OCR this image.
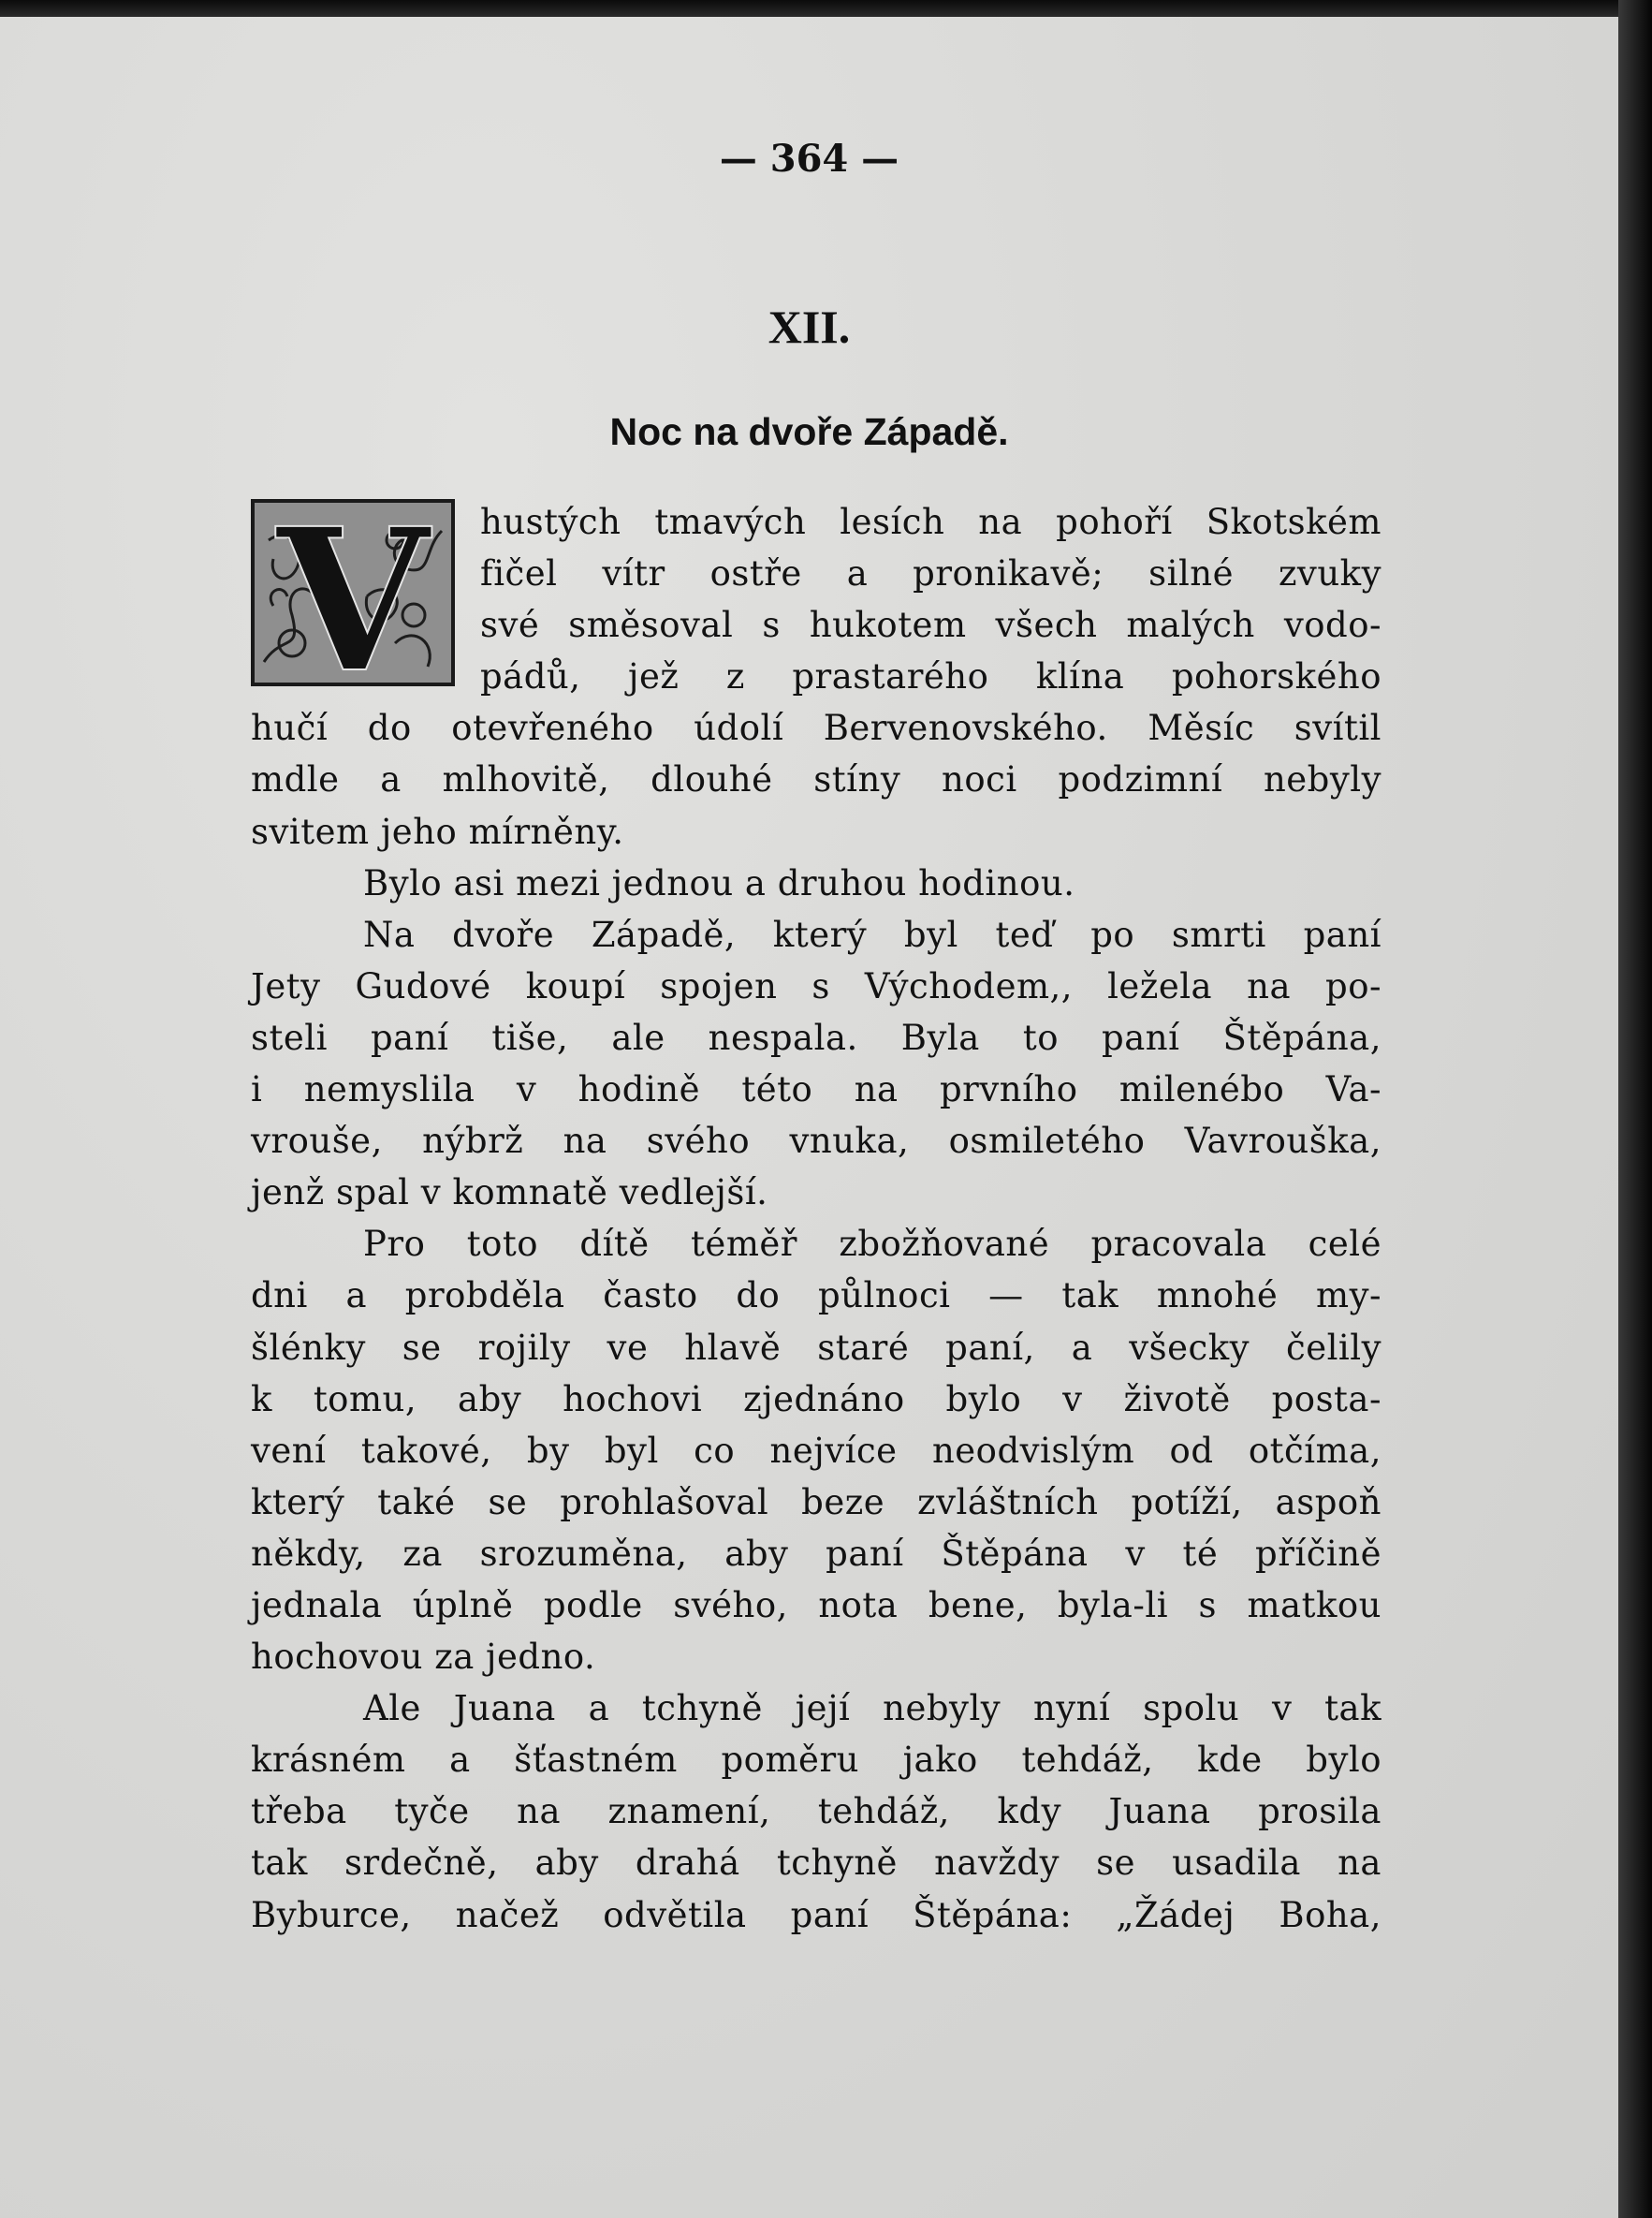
— 364 —
XII.
Noc na dvoře Západě.
V	hustých tmavých lesích na pohoří Skotském
fičel vítr ostře a pronikavě; silné zvuky
své směsoval s hukotem všech malých vodo-
pádů, jež z prastarého klína pohorského
hučí do otevřeného údolí Bervenovského. Měsíc svítil
mdle a mlhovitě, dlouhé stíny noci podzimní nebyly
svitem jeho mírněny.
Bylo asi mezi jednou a druhou hodinou.
Na dvoře Západě, který byl teď po smrti paní
Jety Gudové koupí spojen s Východem,, ležela na po-
steli paní tiše, ale nespala. Byla to paní Štěpána,
i nemyslila v hodině této na prvního milenébo Va-
vrouše, nýbrž na svého vnuka, osmiletého Vavrouška,
jenž spal v komnatě vedlejší.
Pro toto dítě téměř zbožňované pracovala celé
dni a probděla často do půlnoci — tak mnohé my-
šlénky se rojily ve hlavě staré paní, a všecky čelily
k tomu, aby hochovi zjednáno bylo v životě posta-
vení takové, by byl co nejvíce neodvislým od otčíma,
který také se prohlašoval beze zvláštních potíží, aspoň
někdy, za srozuměna, aby paní Štěpána v té příčině
jednala úplně podle svého, nota bene, byla-li s matkou
hochovou za jedno.
Ale Juana a tchyně její nebyly nyní spolu v tak
krásném a šťastném poměru jako tehdáž, kde bylo
třeba tyče na znamení, tehdáž, kdy Juana prosila
tak srdečně, aby drahá tchyně navždy se usadila na
Byburce, načež odvětila paní Štěpána: „Žádej Boha,
